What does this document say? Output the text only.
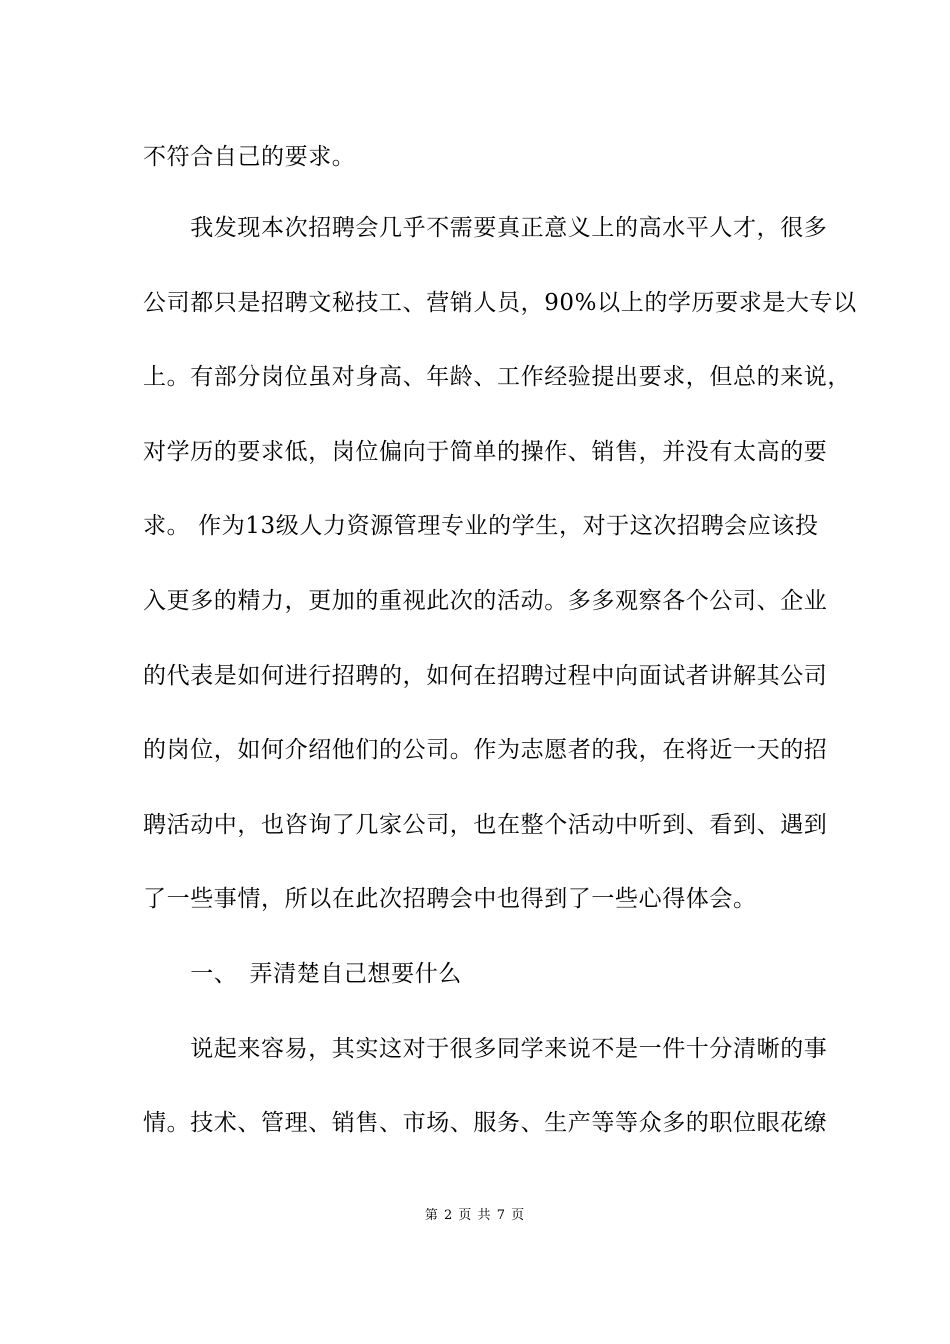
不符合自己的要求。
　　我发现本次招聘会几乎不需要真正意义上的高水平人才，很多
公司都只是招聘文秘技工、营销人员，90%以上的学历要求是大专以
上。有部分岗位虽对身高、年龄、工作经验提出要求，但总的来说，
对学历的要求低，岗位偏向于简单的操作、销售，并没有太高的要
求。 作为13级人力资源管理专业的学生，对于这次招聘会应该投
入更多的精力，更加的重视此次的活动。多多观察各个公司、企业
的代表是如何进行招聘的，如何在招聘过程中向面试者讲解其公司
的岗位，如何介绍他们的公司。作为志愿者的我，在将近一天的招
聘活动中，也咨询了几家公司，也在整个活动中听到、看到、遇到
了一些事情，所以在此次招聘会中也得到了一些心得体会。
　　一、　弄清楚自己想要什么
　　说起来容易，其实这对于很多同学来说不是一件十分清晰的事
情。技术、管理、销售、市场、服务、生产等等众多的职位眼花缭
第 2 页 共 7 页
